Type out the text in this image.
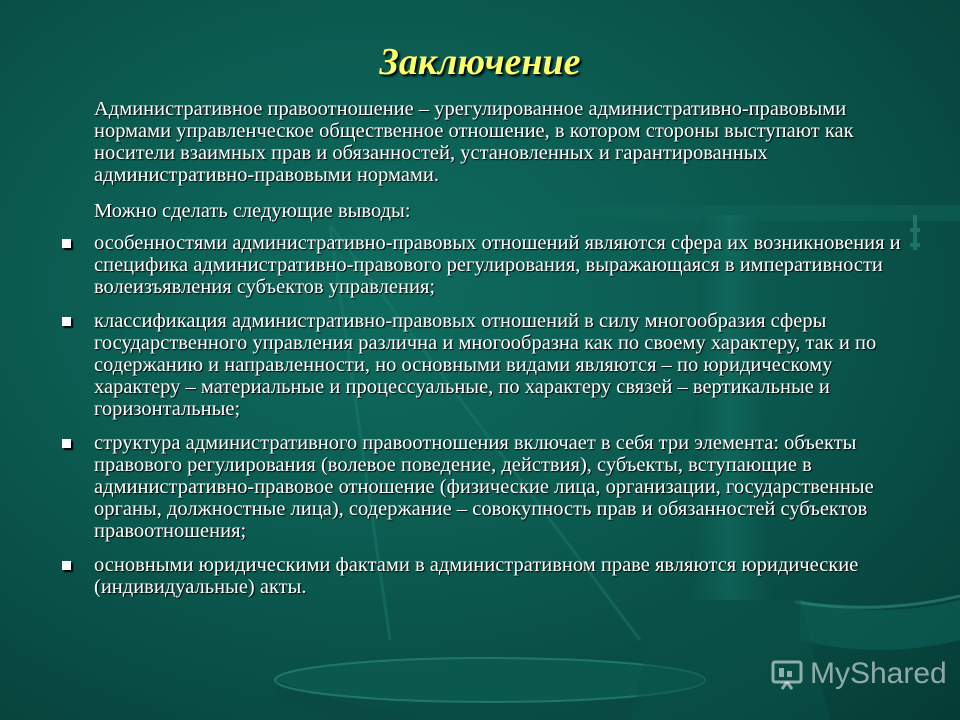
Заключение

Административное правоотношение – урегулированное административно-правовыми нормами управленческое общественное отношение, в котором стороны выступают как носители взаимных прав и обязанностей, установленных и гарантированных административно-правовыми нормами.

Можно сделать следующие выводы:

особенностями административно-правовых отношений являются сфера их возникновения и специфика административно-правового регулирования, выражающаяся в императивности волеизъявления субъектов управления;
классификация административно-правовых отношений в силу многообразия сферы государственного управления различна и многообразна как по своему характеру, так и по содержанию и направленности, но основными видами являются – по юридическому характеру – материальные и процессуальные, по характеру связей – вертикальные и горизонтальные;
структура административного правоотношения включает в себя три элемента: объекты правового регулирования (волевое поведение, действия), субъекты, вступающие в административно-правовое отношение (физические лица, организации, государственные органы, должностные лица), содержание – совокупность прав и обязанностей субъектов правоотношения;
основными юридическими фактами в административном праве являются юридические (индивидуальные) акты.
MyShared
